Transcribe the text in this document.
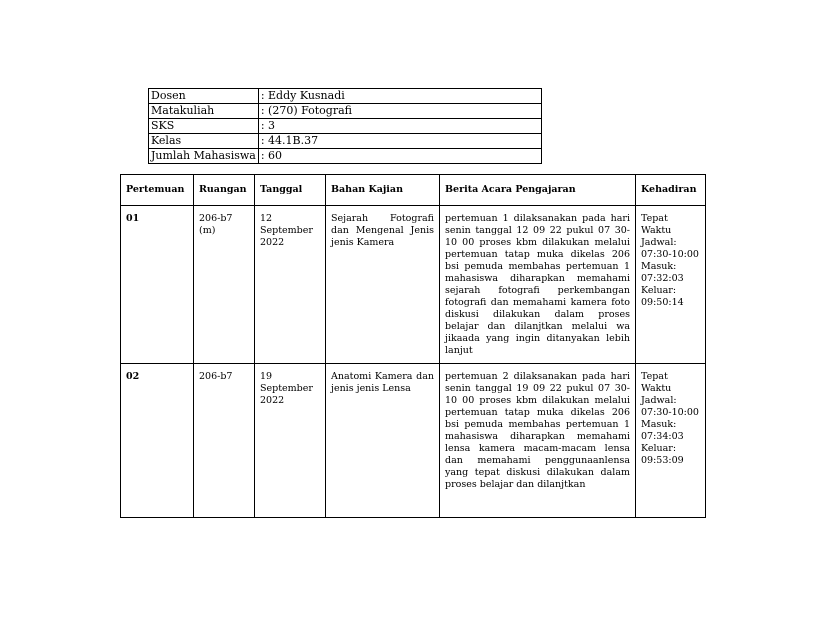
Dosen	: Eddy Kusnadi
Matakuliah	: (270) Fotografi
SKS	: 3
Kelas	: 44.1B.37
Jumlah Mahasiswa	: 60
Pertemuan	Ruangan	Tanggal	Bahan Kajian	Berita Acara Pengajaran	Kehadiran
01	206-b7 (m)	12 September 2022	Sejarah Fotografi dan Mengenal Jenis jenis Kamera	pertemuan 1 dilaksanakan pada hari senin tanggal 12 09 22 pukul 07 30-10 00 proses kbm dilakukan melalui pertemuan tatap muka dikelas 206 bsi pemuda membahas pertemuan 1 mahasiswa diharapkan memahami sejarah fotografi perkembangan fotografi dan memahami kamera foto diskusi dilakukan dalam proses belajar dan dilanjtkan melalui wa jikaada yang ingin ditanyakan lebih lanjut	Tepat Waktu Jadwal: 07:30-10:00 Masuk: 07:32:03 Keluar: 09:50:14
02	206-b7	19 September 2022	Anatomi Kamera dan jenis jenis Lensa	pertemuan 2 dilaksanakan pada hari senin tanggal 19 09 22 pukul 07 30-10 00 proses kbm dilakukan melalui pertemuan tatap muka dikelas 206 bsi pemuda membahas pertemuan 1 mahasiswa diharapkan memahami lensa kamera macam-macam lensa dan memahami penggunaanlensa yang tepat diskusi dilakukan dalam proses belajar dan dilanjtkan	Tepat Waktu Jadwal: 07:30-10:00 Masuk: 07:34:03 Keluar: 09:53:09
